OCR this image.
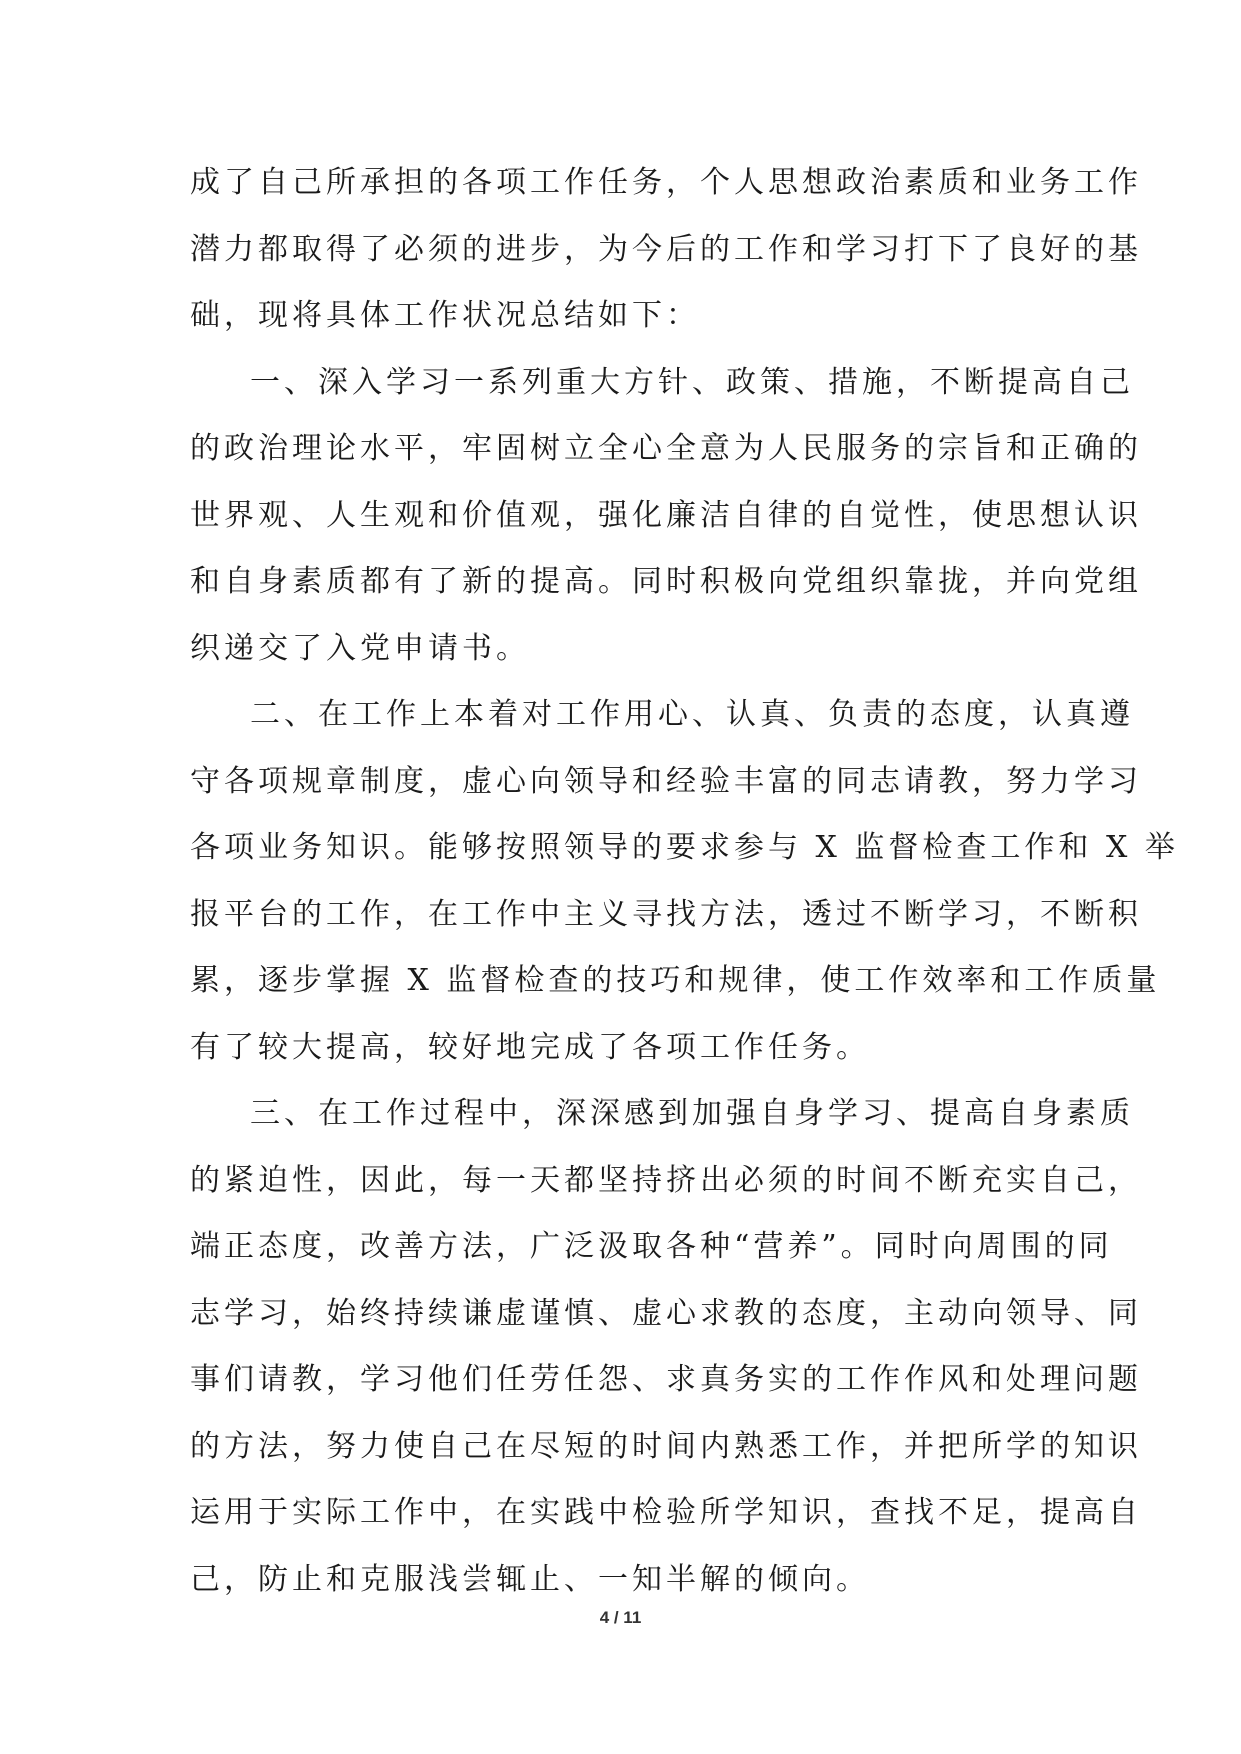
成了自己所承担的各项工作任务，个人思想政治素质和业务工作
潜力都取得了必须的进步，为今后的工作和学习打下了良好的基
础，现将具体工作状况总结如下：
一、深入学习一系列重大方针、政策、措施，不断提高自己
的政治理论水平，牢固树立全心全意为人民服务的宗旨和正确的
世界观、人生观和价值观，强化廉洁自律的自觉性，使思想认识
和自身素质都有了新的提高。同时积极向党组织靠拢，并向党组
织递交了入党申请书。
二、在工作上本着对工作用心、认真、负责的态度，认真遵
守各项规章制度，虚心向领导和经验丰富的同志请教，努力学习
各项业务知识。能够按照领导的要求参与 X 监督检查工作和 X 举
报平台的工作，在工作中主义寻找方法，透过不断学习，不断积
累，逐步掌握 X 监督检查的技巧和规律，使工作效率和工作质量
有了较大提高，较好地完成了各项工作任务。
三、在工作过程中，深深感到加强自身学习、提高自身素质
的紧迫性，因此，每一天都坚持挤出必须的时间不断充实自己，
端正态度，改善方法，广泛汲取各种“营养”。同时向周围的同
志学习，始终持续谦虚谨慎、虚心求教的态度，主动向领导、同
事们请教，学习他们任劳任怨、求真务实的工作作风和处理问题
的方法，努力使自己在尽短的时间内熟悉工作，并把所学的知识
运用于实际工作中，在实践中检验所学知识，查找不足，提高自
己，防止和克服浅尝辄止、一知半解的倾向。
4 / 11
